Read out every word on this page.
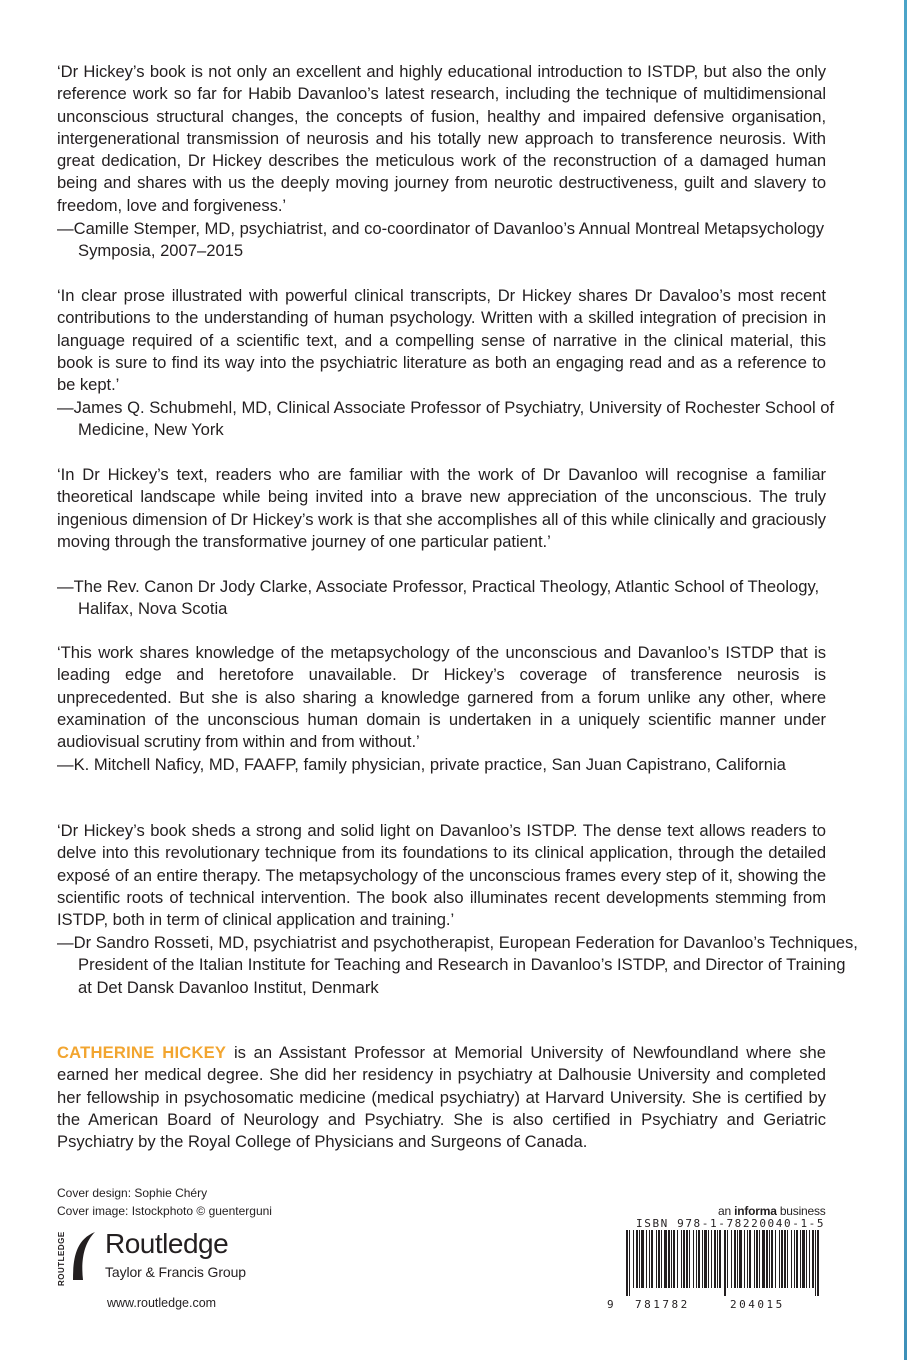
‘Dr Hickey’s book is not only an excellent and highly educational introduction to ISTDP, but also the only reference work so far for Habib Davanloo’s latest research, including the technique of multidimensional unconscious structural changes, the concepts of fusion, healthy and impaired defensive organisation, intergenerational transmission of neurosis and his totally new approach to transference neurosis. With great dedication, Dr Hickey describes the meticulous work of the reconstruction of a damaged human being and shares with us the deeply moving journey from neurotic destructiveness, guilt and slavery to freedom, love and forgiveness.’
—Camille Stemper, MD, psychiatrist, and co-coordinator of Davanloo’s Annual Montreal Metapsychology Symposia, 2007–2015
‘In clear prose illustrated with powerful clinical transcripts, Dr Hickey shares Dr Davaloo’s most recent contributions to the understanding of human psychology. Written with a skilled integration of precision in language required of a scientific text, and a compelling sense of narrative in the clinical material, this book is sure to find its way into the psychiatric literature as both an engaging read and as a reference to be kept.’
—James Q. Schubmehl, MD, Clinical Associate Professor of Psychiatry, University of Rochester School of Medicine, New York
‘In Dr Hickey’s text, readers who are familiar with the work of Dr Davanloo will recognise a familiar theoretical landscape while being invited into a brave new appreciation of the unconscious. The truly ingenious dimension of Dr Hickey’s work is that she accomplishes all of this while clinically and graciously moving through the transformative journey of one particular patient.’
—The Rev. Canon Dr Jody Clarke, Associate Professor, Practical Theology, Atlantic School of Theology, Halifax, Nova Scotia
‘This work shares knowledge of the metapsychology of the unconscious and Davanloo’s ISTDP that is leading edge and heretofore unavailable. Dr Hickey’s coverage of transference neurosis is unprecedented. But she is also sharing a knowledge garnered from a forum unlike any other, where examination of the unconscious human domain is undertaken in a uniquely scientific manner under audiovisual scrutiny from within and from without.’
—K. Mitchell Naficy, MD, FAAFP, family physician, private practice, San Juan Capistrano, California
‘Dr Hickey’s book sheds a strong and solid light on Davanloo’s ISTDP. The dense text allows readers to delve into this revolutionary technique from its foundations to its clinical application, through the detailed exposé of an entire therapy. The metapsychology of the unconscious frames every step of it, showing the scientific roots of technical intervention. The book also illuminates recent developments stemming from ISTDP, both in term of clinical application and training.’
—Dr Sandro Rosseti, MD, psychiatrist and psychotherapist, European Federation for Davanloo’s Techniques, President of the Italian Institute for Teaching and Research in Davanloo’s ISTDP, and Director of Training at Det Dansk Davanloo Institut, Denmark
CATHERINE HICKEY is an Assistant Professor at Memorial University of Newfoundland where she earned her medical degree. She did her residency in psychiatry at Dalhousie University and completed her fellowship in psychosomatic medicine (medical psychiatry) at Harvard University. She is certified by the American Board of Neurology and Psychiatry. She is also certified in Psychiatry and Geriatric Psychiatry by the Royal College of Physicians and Surgeons of Canada.
Cover design: Sophie Chéry
Cover image: Istockphoto © guenterguni
ROUTLEDGE Routledge
Taylor & Francis Group
www.routledge.com
an informa business
ISBN 978-1-78220040-1-5
9 781782	204015
